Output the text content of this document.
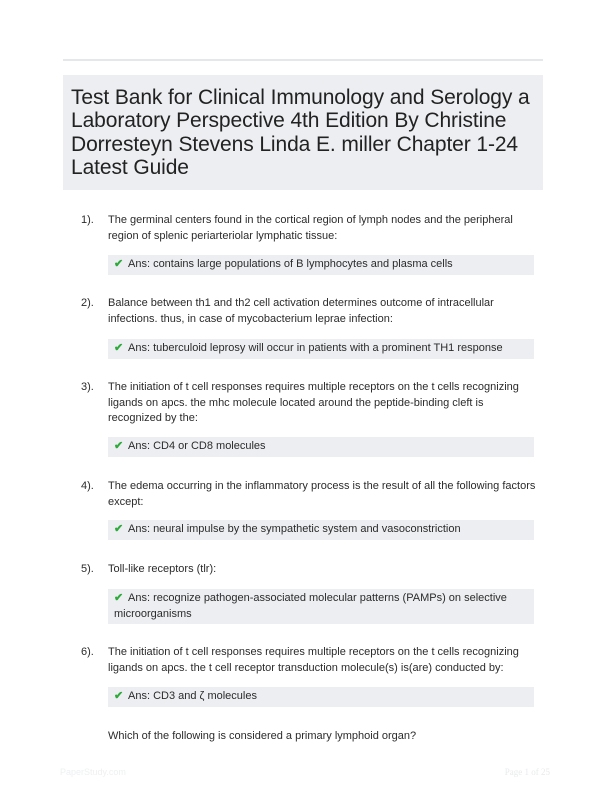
Test Bank for Clinical Immunology and Serology a Laboratory Perspective 4th Edition By Christine Dorresteyn Stevens Linda E. miller Chapter 1-24 Latest Guide
1). The germinal centers found in the cortical region of lymph nodes and the peripheral region of splenic periarteriolar lymphatic tissue:
✔ Ans: contains large populations of B lymphocytes and plasma cells
2). Balance between th1 and th2 cell activation determines outcome of intracellular infections. thus, in case of mycobacterium leprae infection:
✔ Ans: tuberculoid leprosy will occur in patients with a prominent TH1 response
3). The initiation of t cell responses requires multiple receptors on the t cells recognizing ligands on apcs. the mhc molecule located around the peptide-binding cleft is recognized by the:
✔ Ans: CD4 or CD8 molecules
4). The edema occurring in the inflammatory process is the result of all the following factors except:
✔ Ans: neural impulse by the sympathetic system and vasoconstriction
5). Toll-like receptors (tlr):
✔ Ans: recognize pathogen-associated molecular patterns (PAMPs) on selective microorganisms
6). The initiation of t cell responses requires multiple receptors on the t cells recognizing ligands on apcs. the t cell receptor transduction molecule(s) is(are) conducted by:
✔ Ans: CD3 and ζ molecules
Which of the following is considered a primary lymphoid organ?
PaperStudy.com	Page 1 of 25
